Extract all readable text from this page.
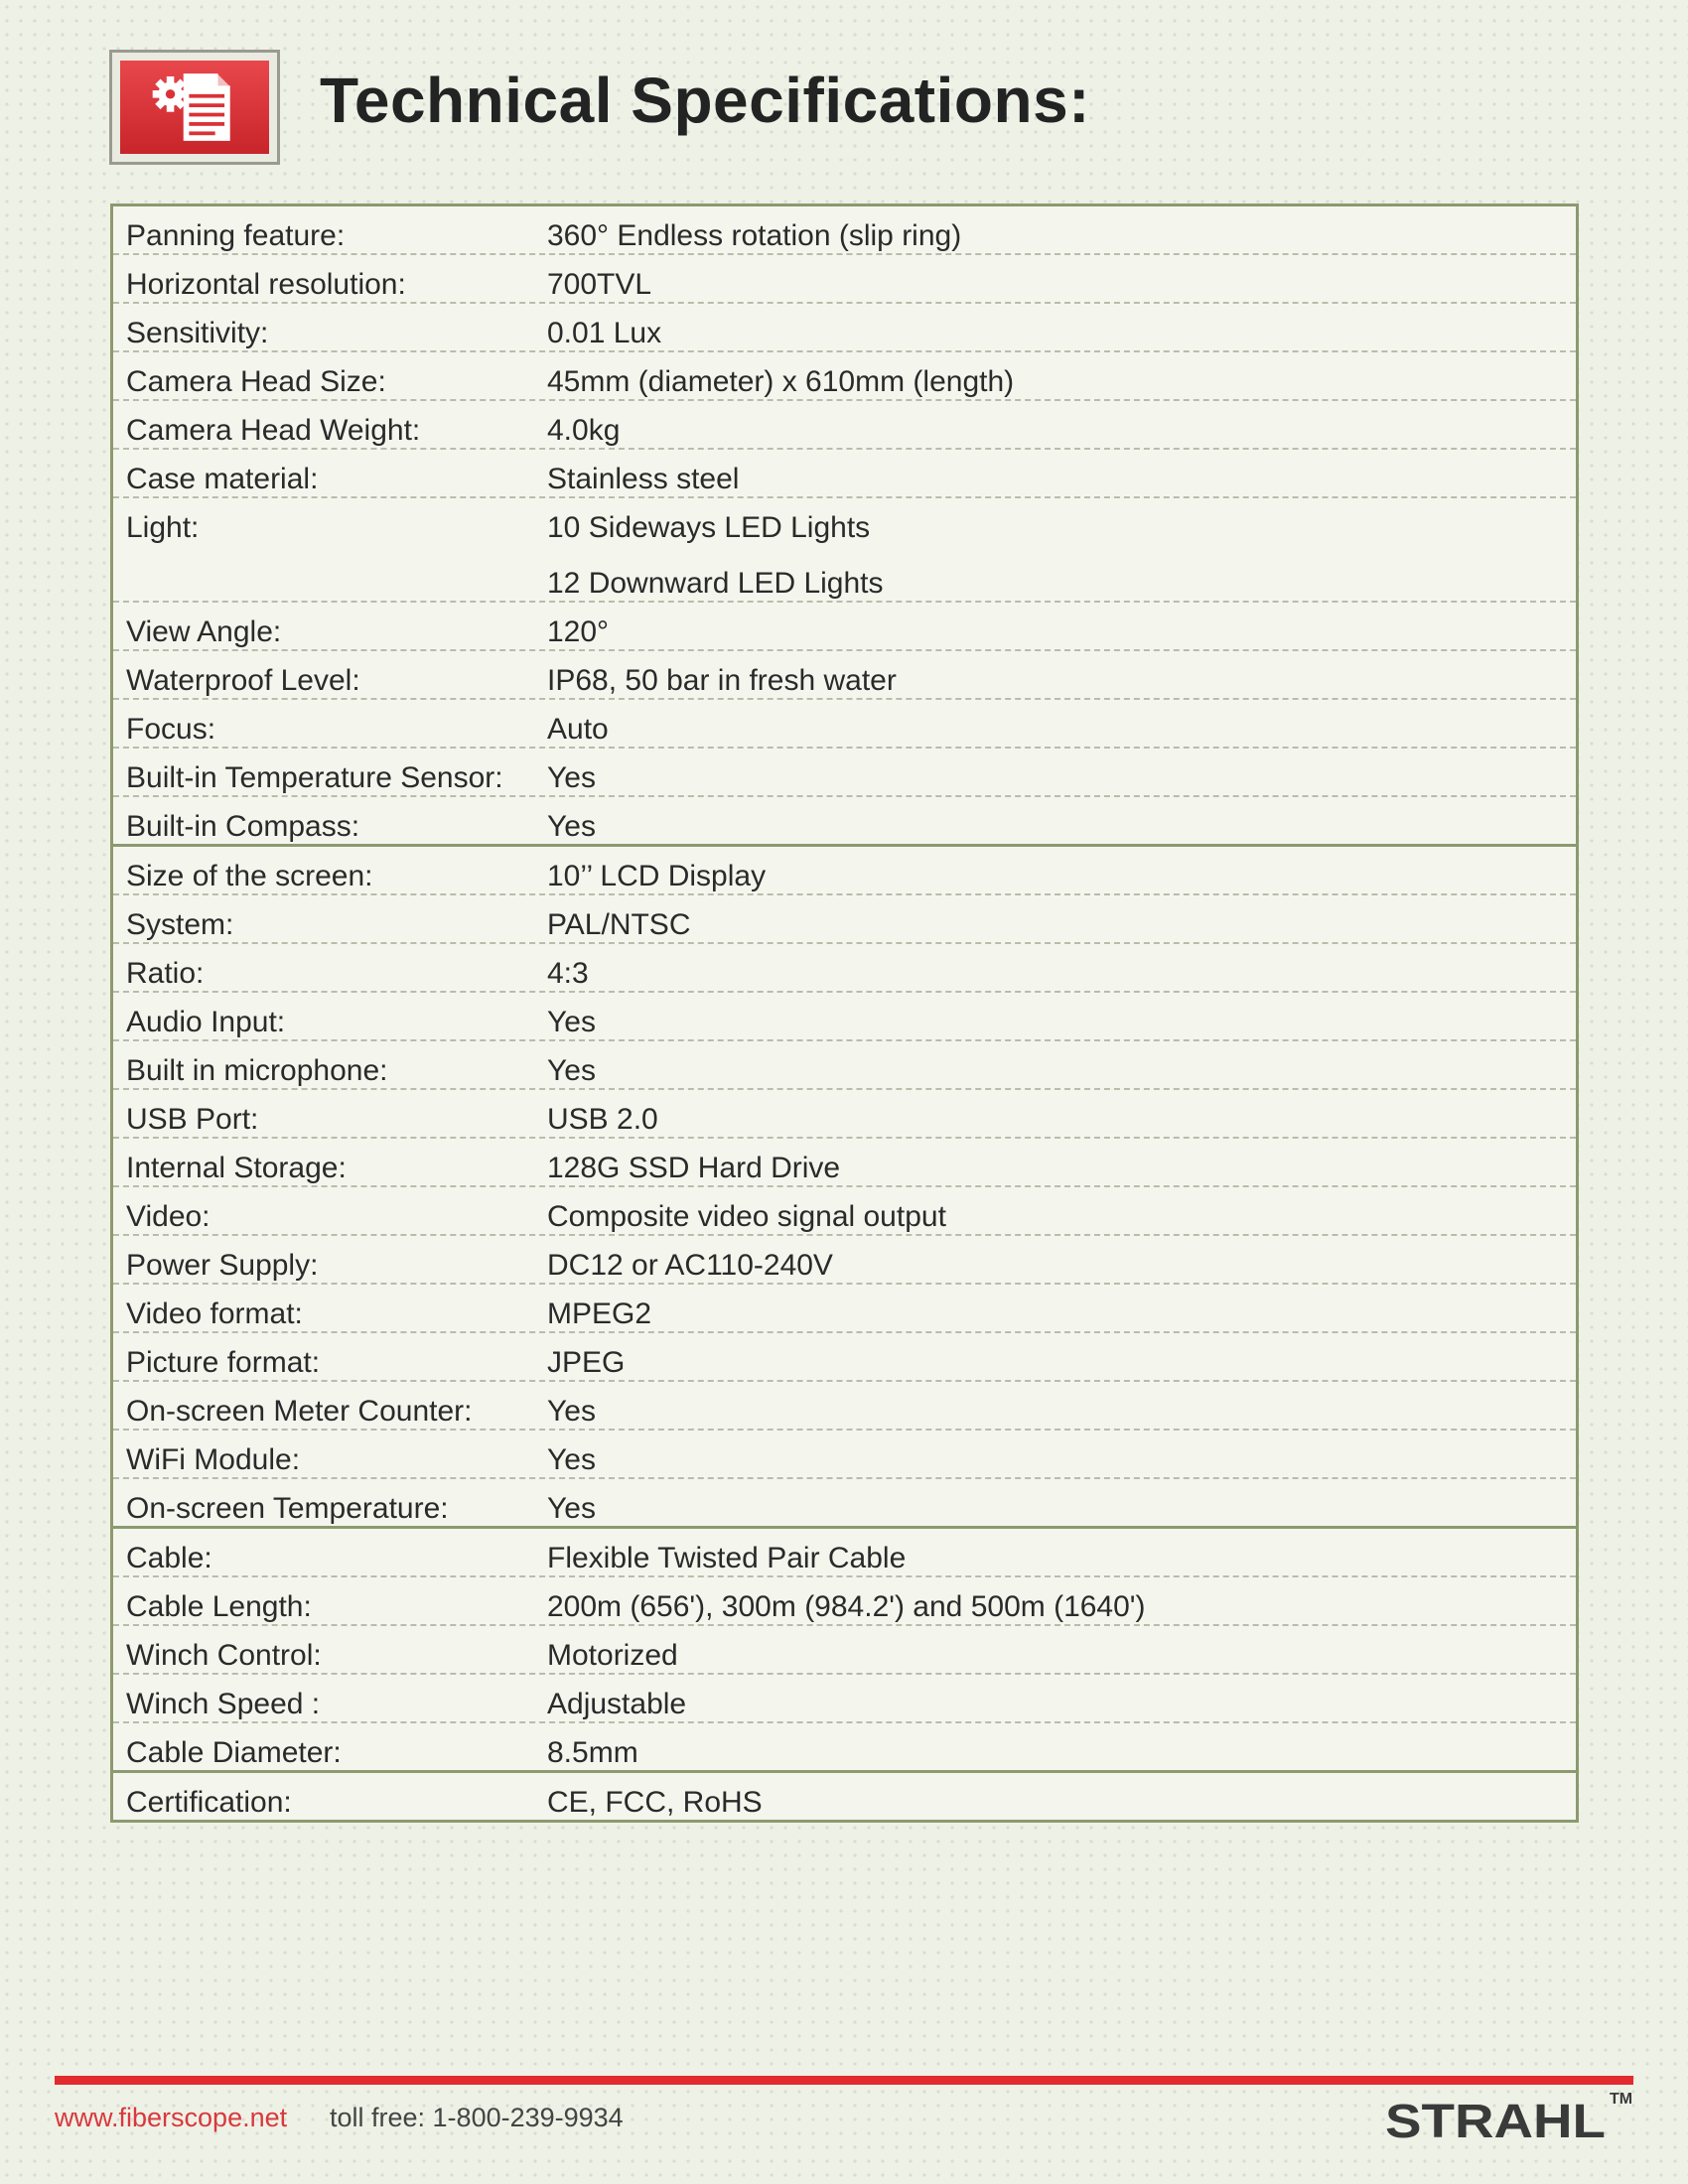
Technical Specifications:
Panning feature:	360° Endless rotation (slip ring)
Horizontal resolution:	700TVL
Sensitivity:	0.01 Lux
Camera Head Size:	45mm (diameter) x 610mm (length)
Camera Head Weight:	4.0kg
Case material:	Stainless steel
Light:	10 Sideways LED Lights
12 Downward LED Lights
View Angle:	120°
Waterproof Level:	IP68, 50 bar in fresh water
Focus:	Auto
Built-in Temperature Sensor:	Yes
Built-in Compass:	Yes
Size of the screen:	10’’ LCD Display
System:	PAL/NTSC
Ratio:	4:3
Audio Input:	Yes
Built in microphone:	Yes
USB Port:	USB 2.0
Internal Storage:	128G SSD Hard Drive
Video:	Composite video signal output
Power Supply:	DC12 or AC110-240V
Video format:	MPEG2
Picture format:	JPEG
On-screen Meter Counter:	Yes
WiFi Module:	Yes
On-screen Temperature:	Yes
Cable:	Flexible Twisted Pair Cable
Cable Length:	200m (656'), 300m (984.2') and 500m (1640')
Winch Control:	Motorized
Winch Speed :	Adjustable
Cable Diameter:	8.5mm
Certification:	CE, FCC, RoHS
www.fiberscope.net toll free: 1-800-239-9934	STRAHL TM
